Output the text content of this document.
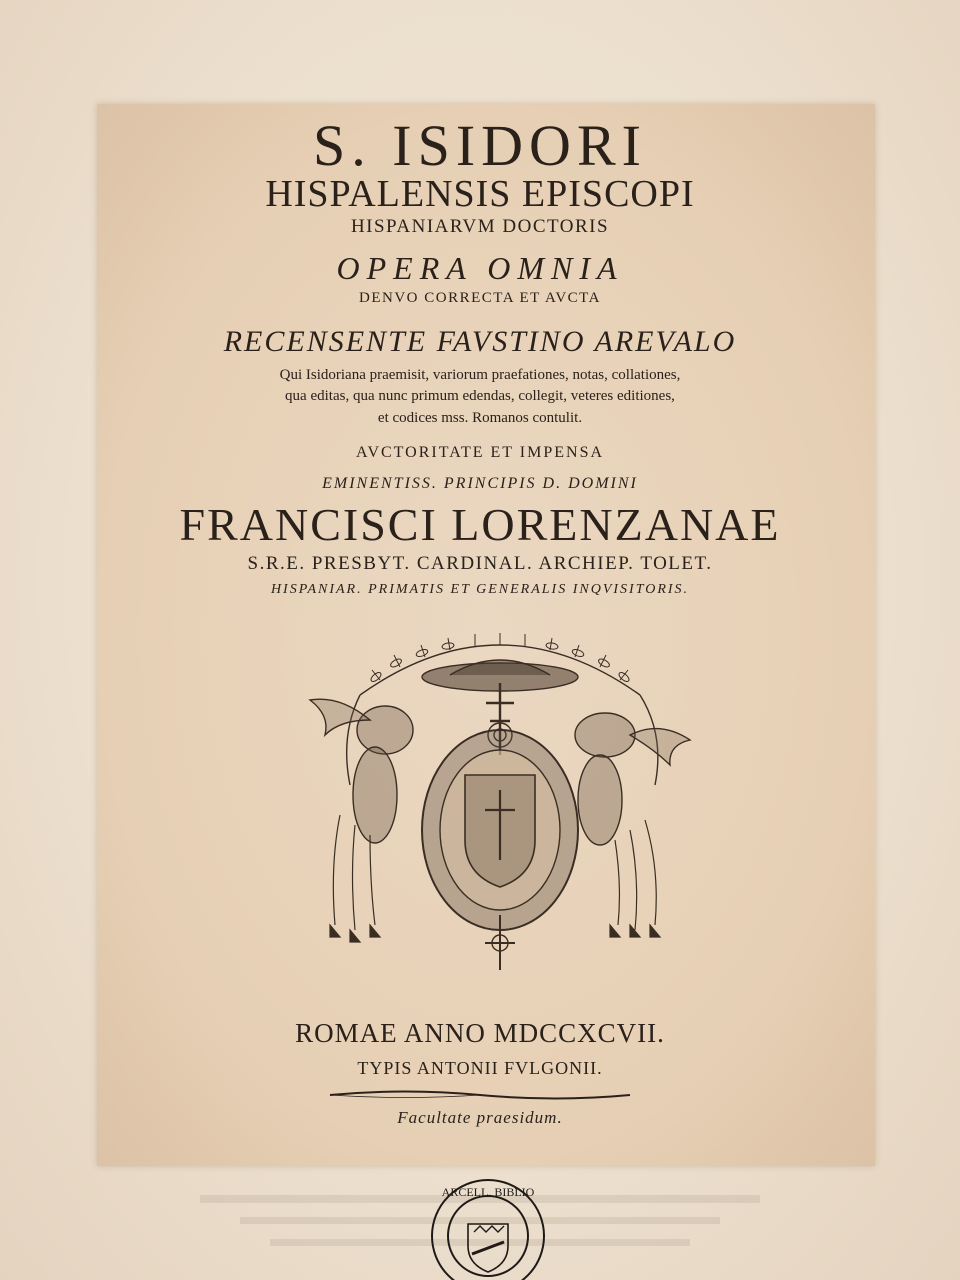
S. ISIDORI
HISPALENSIS EPISCOPI
HISPANIARVM DOCTORIS
OPERA OMNIA
DENVO CORRECTA ET AVCTA
RECENSENTE FAVSTINO AREVALO
Qui Isidoriana praemisit, variorum praefationes, notas, collationes,
qua editas, qua nunc primum edendas, collegit, veteres editiones,
et codices mss. Romanos contulit.
AVCTORITATE ET IMPENSA
EMINENTISS. PRINCIPIS D. DOMINI
FRANCISCI LORENZANAE
S.R.E. PRESBYT. CARDINAL. ARCHIEP. TOLET.
HISPANIAR. PRIMATIS ET GENERALIS INQVISITORIS.
ROMAE ANNO MDCCXCVII.
TYPIS ANTONII FVLGONII.
Facultate praesidum.
ARCELL. BIBLIO
